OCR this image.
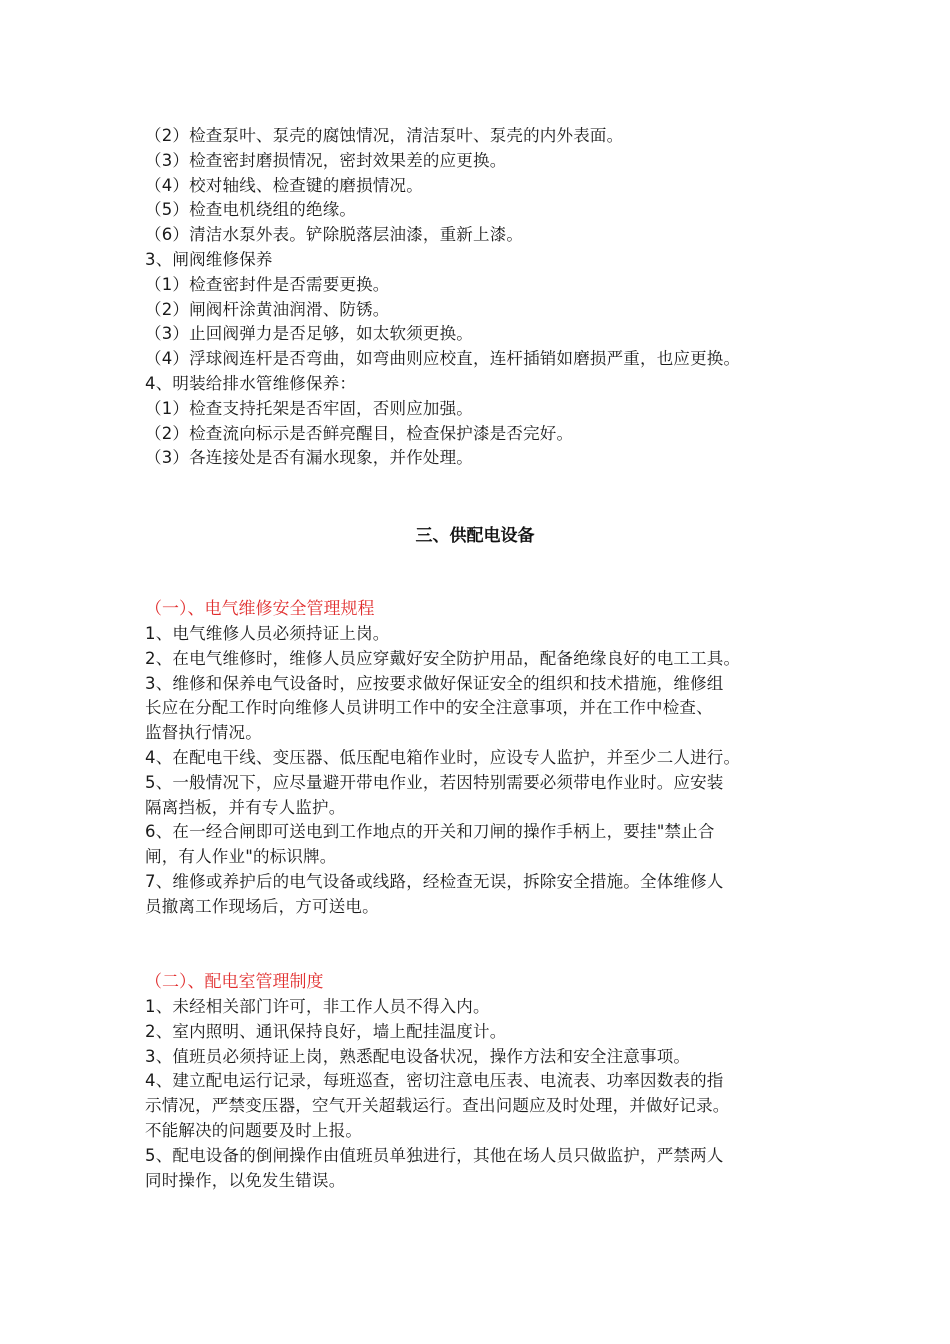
（2）检查泵叶、泵壳的腐蚀情况，清洁泵叶、泵壳的内外表面。
（3）检查密封磨损情况，密封效果差的应更换。
（4）校对轴线、检查键的磨损情况。
（5）检查电机绕组的绝缘。
（6）清洁水泵外表。铲除脱落层油漆，重新上漆。
3、闸阀维修保养
（1）检查密封件是否需要更换。
（2）闸阀杆涂黄油润滑、防锈。
（3）止回阀弹力是否足够，如太软须更换。
（4）浮球阀连杆是否弯曲，如弯曲则应校直，连杆插销如磨损严重，也应更换。
4、明装给排水管维修保养：
（1）检查支持托架是否牢固，否则应加强。
（2）检查流向标示是否鲜亮醒目，检查保护漆是否完好。
（3）各连接处是否有漏水现象，并作处理。
三、供配电设备
（一）、电气维修安全管理规程
1、电气维修人员必须持证上岗。
2、在电气维修时，维修人员应穿戴好安全防护用品，配备绝缘良好的电工工具。
3、维修和保养电气设备时，应按要求做好保证安全的组织和技术措施，维修组
长应在分配工作时向维修人员讲明工作中的安全注意事项，并在工作中检查、
监督执行情况。
4、在配电干线、变压器、低压配电箱作业时，应设专人监护，并至少二人进行。
5、一般情况下，应尽量避开带电作业，若因特别需要必须带电作业时。应安装
隔离挡板，并有专人监护。
6、在一经合闸即可送电到工作地点的开关和刀闸的操作手柄上，要挂"禁止合
闸，有人作业"的标识牌。
7、维修或养护后的电气设备或线路，经检查无误，拆除安全措施。全体维修人
员撤离工作现场后，方可送电。
（二）、配电室管理制度
1、未经相关部门许可，非工作人员不得入内。
2、室内照明、通讯保持良好，墙上配挂温度计。
3、值班员必须持证上岗，熟悉配电设备状况，操作方法和安全注意事项。
4、建立配电运行记录，每班巡查，密切注意电压表、电流表、功率因数表的指
示情况，严禁变压器，空气开关超载运行。查出问题应及时处理，并做好记录。
不能解决的问题要及时上报。
5、配电设备的倒闸操作由值班员单独进行，其他在场人员只做监护，严禁两人
同时操作，以免发生错误。
